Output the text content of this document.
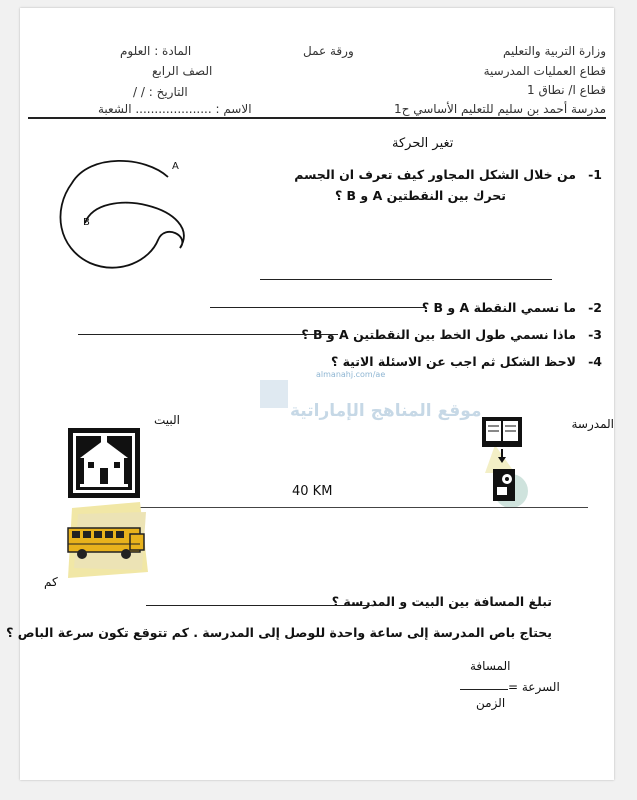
وزارة التربية والتعليم
قطاع العمليات المدرسية
قطاع ا/ نطاق 1
مدرسة أحمد بن سليم للتعليم الأساسي ح1
ورقة عمل
المادة : العلوم
الصف الرابع
التاريخ : / /
الاسم : .................... الشعبة
تغير الحركة
A
B
-1
من خلال الشكل المجاور كيف تعرف ان الجسم
تحرك بين النقطتين A و B ؟
-2
ما نسمي النقطة A و B ؟
-3
ماذا نسمي طول الخط بين النقطتين A و B ؟
-4
لاحظ الشكل ثم اجب عن الاسئلة الاتية ؟
almanahj.com/ae
موقع المناهج الإماراتية
المدرسة
البيت
40 KM
كم
تبلغ المسافة بين البيت و المدرسة ؟
يحتاج باص المدرسة إلى ساعة واحدة للوصل إلى المدرسة . كم تتوقع تكون سرعة الباص ؟
المسافة
السرعة =
الزمن
